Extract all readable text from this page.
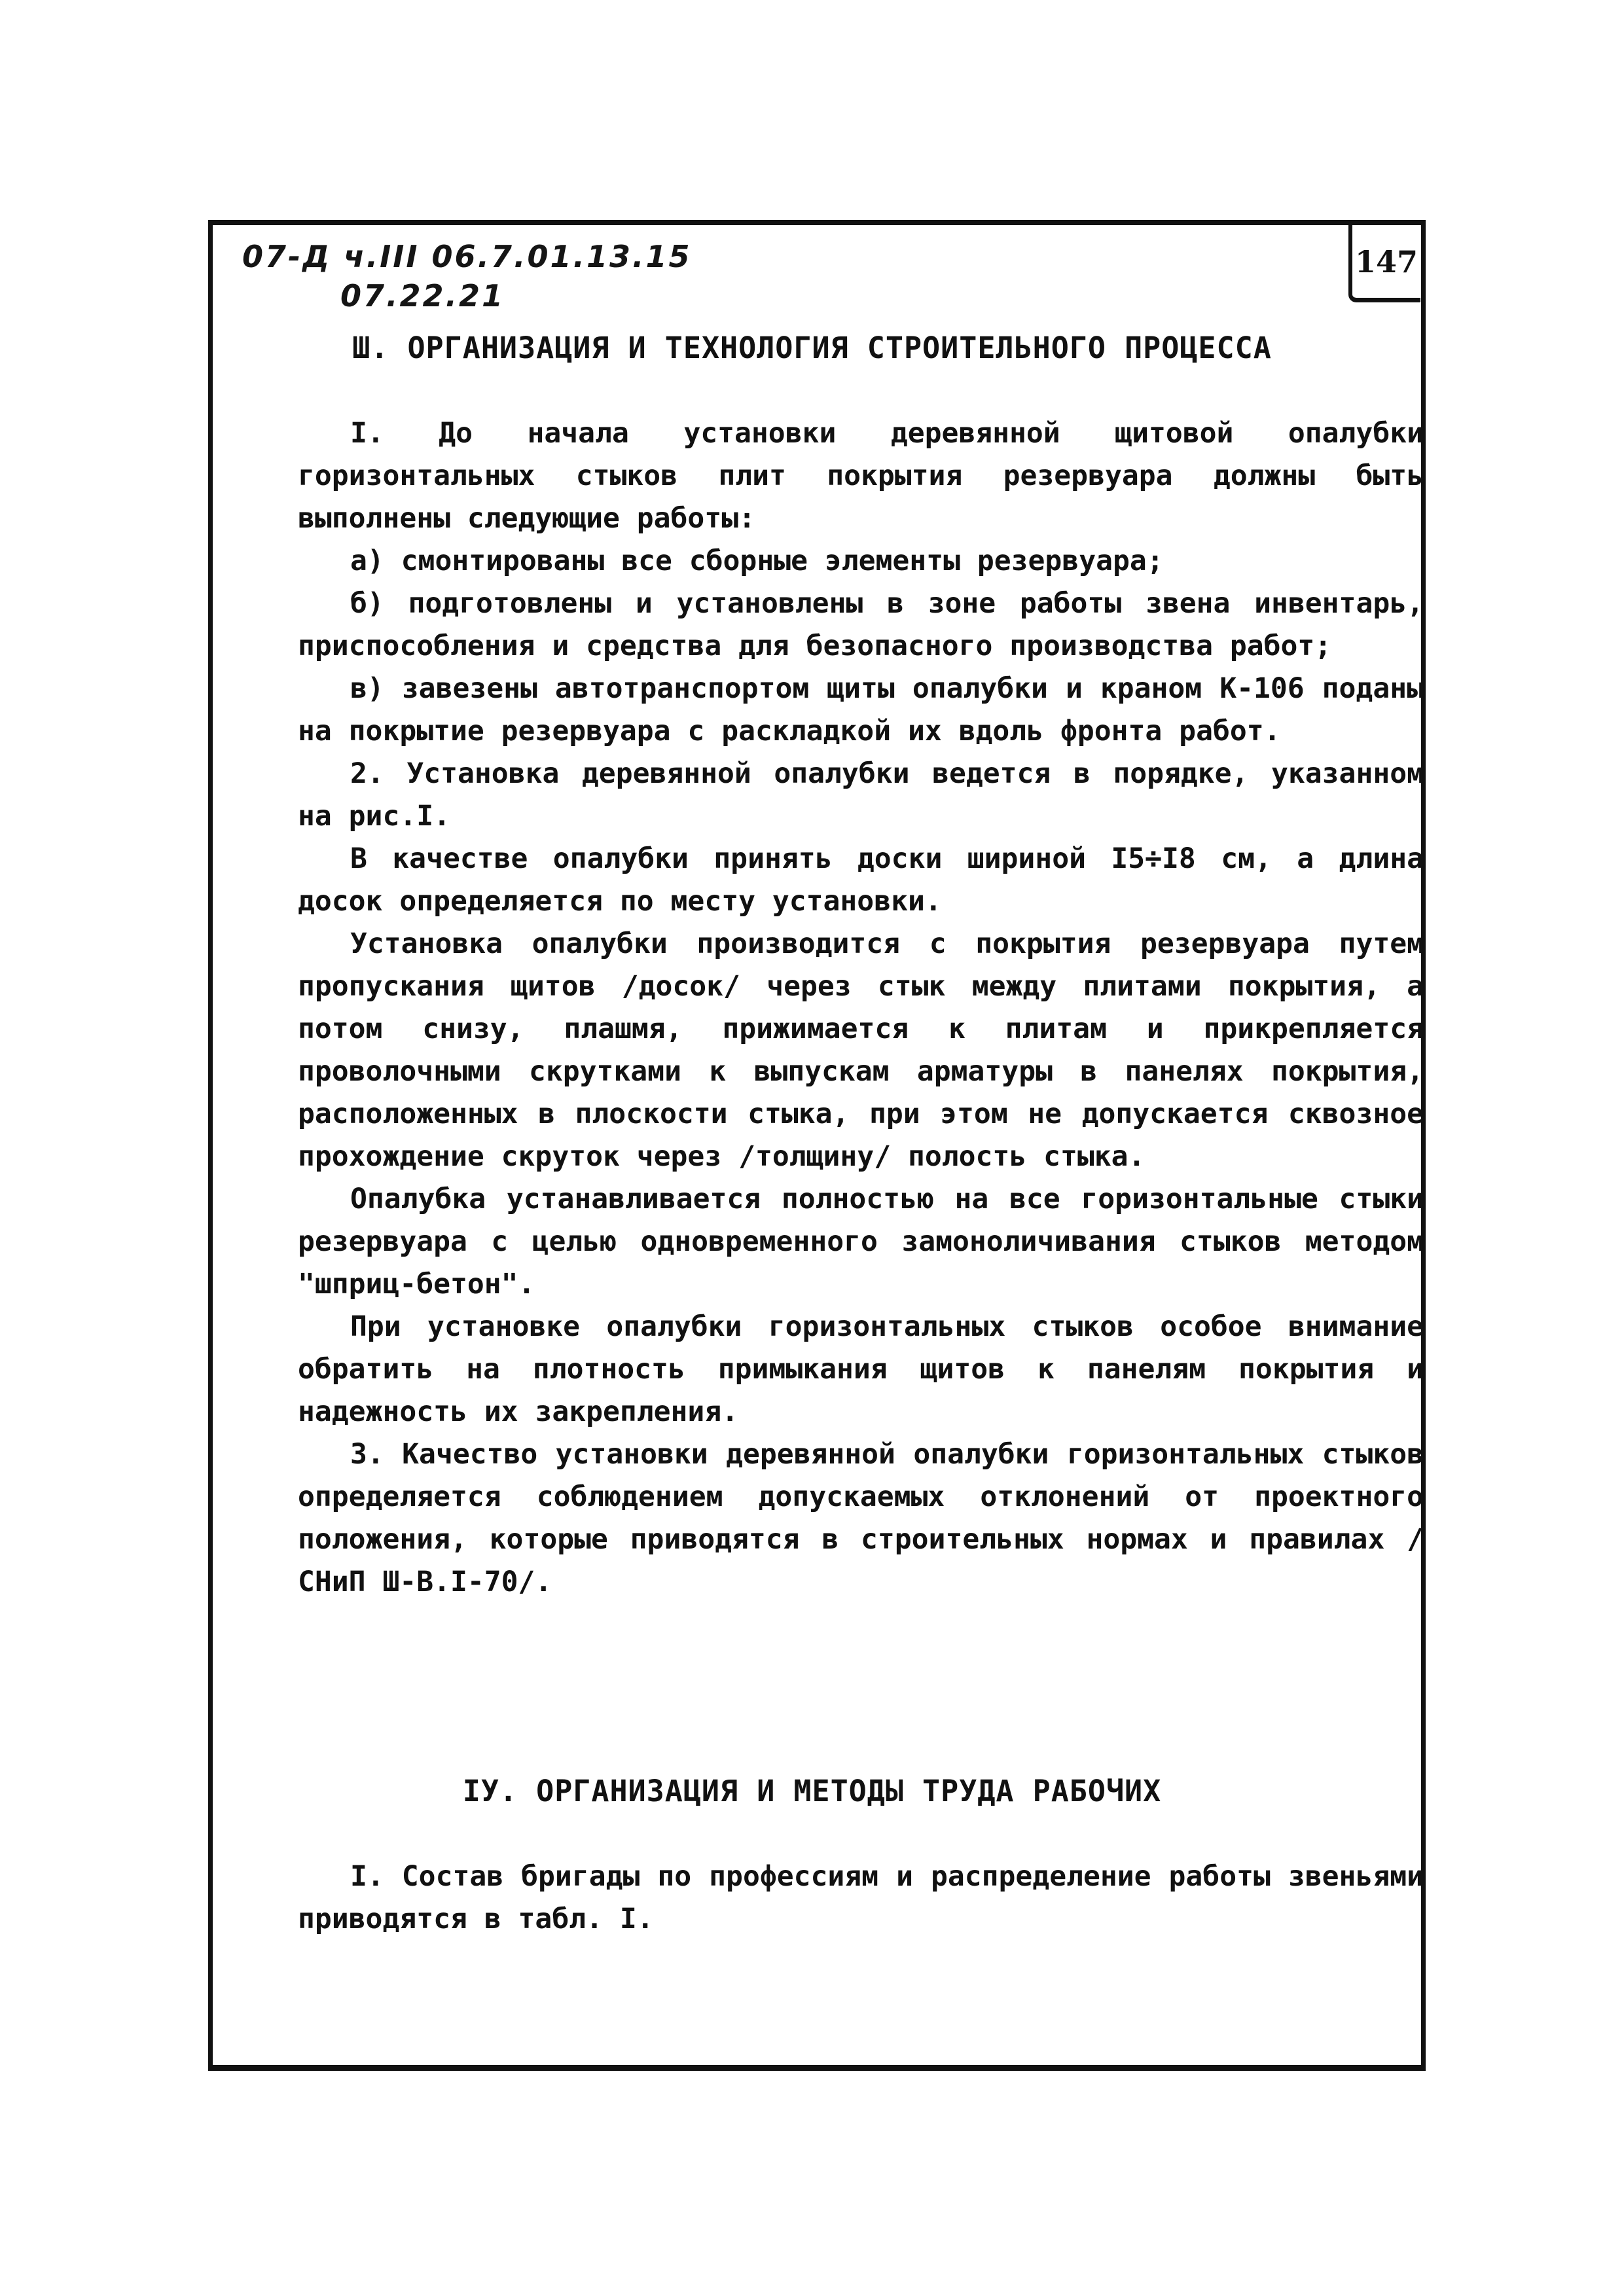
07-Д ч.III 06.7.01.13.15
07.22.21
147
Ш. ОРГАНИЗАЦИЯ И ТЕХНОЛОГИЯ СТРОИТЕЛЬНОГО ПРОЦЕССА

I. До начала установки деревянной щитовой опалубки горизонтальных стыков плит покрытия резервуара должны быть выполнены следующие работы:

а) смонтированы все сборные элементы резервуара;

б) подготовлены и установлены в зоне работы звена инвентарь, приспособления и средства для безопасного производства работ;

в) завезены автотранспортом щиты опалубки и краном К-106 поданы на покрытие резервуара с раскладкой их вдоль фронта работ.

2. Установка деревянной опалубки ведется в порядке, указанном на рис.I.

В качестве опалубки принять доски шириной I5÷I8 см, а длина досок определяется по месту установки.

Установка опалубки производится с покрытия резервуара путем пропускания щитов /досок/ через стык между плитами покрытия, а потом снизу, плашмя, прижимается к плитам и прикрепляется проволочными скрутками к выпускам арматуры в панелях покрытия, расположенных в плоскости стыка, при этом не допускается сквозное прохождение скруток через /толщину/ полость стыка.

Опалубка устанавливается полностью на все горизонтальные стыки резервуара с целью одновременного замоноличивания стыков методом "шприц-бетон".

При установке опалубки горизонтальных стыков особое внимание обратить на плотность примыкания щитов к панелям покрытия и надежность их закрепления.

3. Качество установки деревянной опалубки горизонтальных стыков определяется соблюдением допускаемых отклонений от проектного положения, которые приводятся в строительных нормах и правилах /СНиП Ш-В.I-70/.

IУ. ОРГАНИЗАЦИЯ И МЕТОДЫ ТРУДА РАБОЧИХ

I. Состав бригады по профессиям и распределение работы звеньями приводятся в табл. I.
